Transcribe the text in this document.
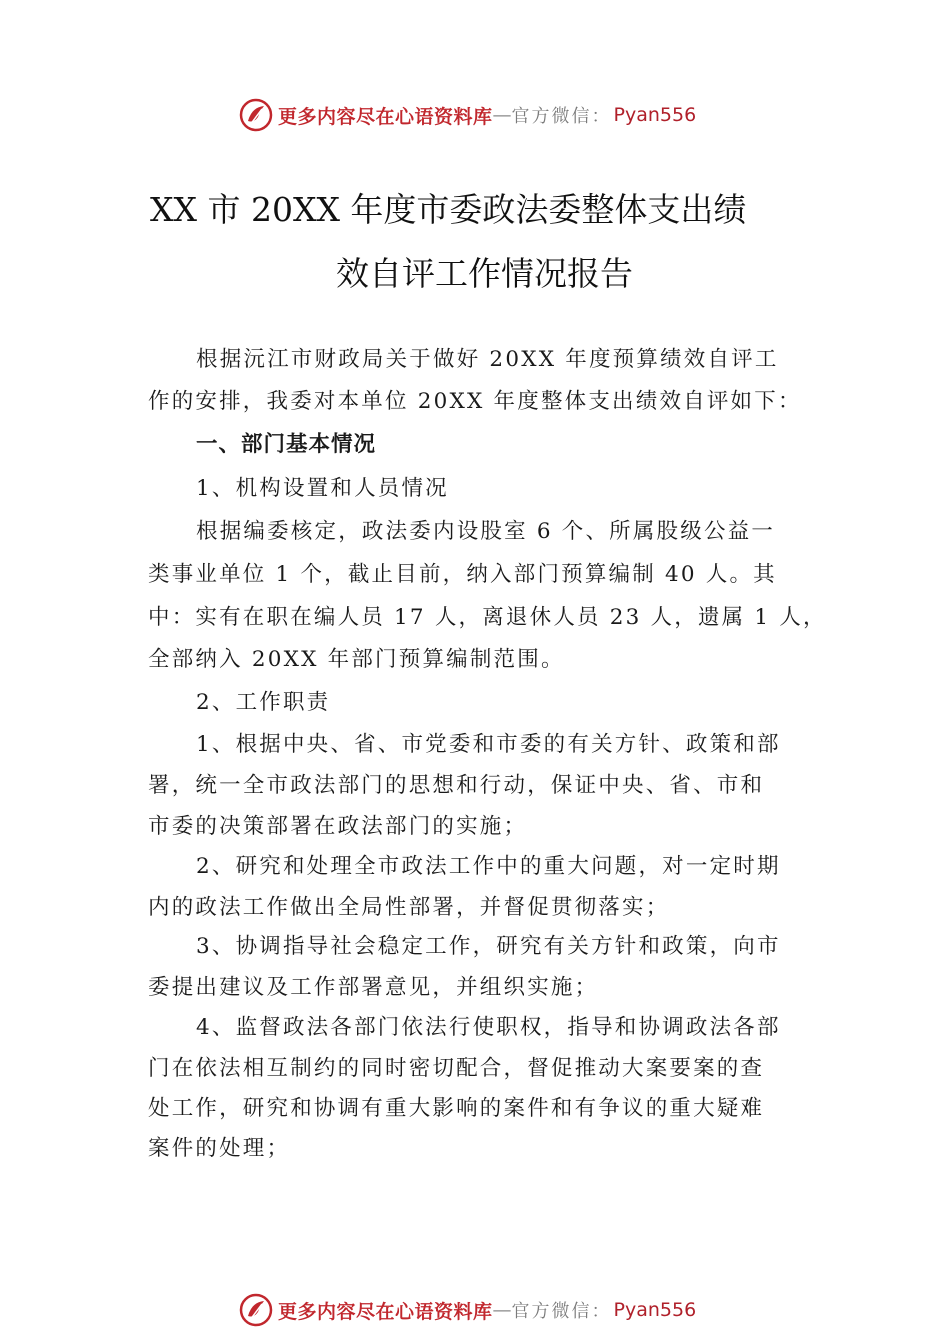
更多内容尽在心语资料库 — 官方微信： Pyan556
XX 市 20XX 年度市委政法委整体支出绩
效自评工作情况报告
根据沅江市财政局关于做好 20XX 年度预算绩效自评工
作的安排，我委对本单位 20XX 年度整体支出绩效自评如下：
一、部门基本情况
1、机构设置和人员情况
根据编委核定，政法委内设股室 6 个、所属股级公益一
类事业单位 1 个，截止目前，纳入部门预算编制 40 人。其
中：实有在职在编人员 17 人，离退休人员 23 人，遗属 1 人，
全部纳入 20XX 年部门预算编制范围。
2、工作职责
1、根据中央、省、市党委和市委的有关方针、政策和部
署，统一全市政法部门的思想和行动，保证中央、省、市和
市委的决策部署在政法部门的实施；
2、研究和处理全市政法工作中的重大问题，对一定时期
内的政法工作做出全局性部署，并督促贯彻落实；
3、协调指导社会稳定工作，研究有关方针和政策，向市
委提出建议及工作部署意见，并组织实施；
4、监督政法各部门依法行使职权，指导和协调政法各部
门在依法相互制约的同时密切配合，督促推动大案要案的查
处工作，研究和协调有重大影响的案件和有争议的重大疑难
案件的处理；
更多内容尽在心语资料库 — 官方微信： Pyan556
